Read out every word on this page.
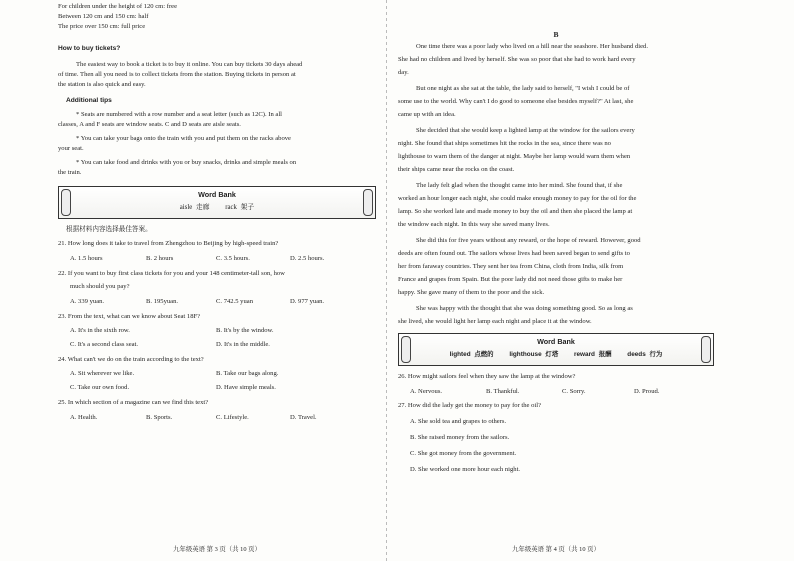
For children under the height of 120 cm: free
Between 120 cm and 150 cm: half
The price over 150 cm: full price
How to buy tickets?
The easiest way to book a ticket is to buy it online. You can buy tickets 30 days ahead
of time. Then all you need is to collect tickets from the station. Buying tickets in person at
the station is also quick and easy.
Additional tips
* Seats are numbered with a row number and a seat letter (such as 12C). In all
classes, A and F seats are window seats. C and D seats are aisle seats.
* You can take your bags onto the train with you and put them on the racks above
your seat.
* You can take food and drinks with you or buy snacks, drinks and simple meals on
the train.
Word Bank
aisle 走廊 rack 架子
根据材料内容选择最佳答案。
21. How long does it take to travel from Zhengzhou to Beijing by high-speed train?
A. 1.5 hours	B. 2 hours	C. 3.5 hours.	D. 2.5 hours.
22. If you want to buy first class tickets for you and your 148 centimeter-tall son, how
much should you pay?
A. 339 yuan.	B. 195yuan.	C. 742.5 yuan	D. 977 yuan.
23. From the text, what can we know about Seat 18F?
A. It's in the sixth row.	B. It's by the window.
C. It's a second class seat.	D. It's in the middle.
24. What can't we do on the train according to the text?
A. Sit wherever we like.	B. Take our bags along.
C. Take our own food.	D. Have simple meals.
25. In which section of a magazine can we find this text?
A. Health.	B. Sports.	C. Lifestyle.	D. Travel.
九年级英语 第 3 页（共 10 页）
B
One time there was a poor lady who lived on a hill near the seashore. Her husband died.
She had no children and lived by herself. She was so poor that she had to work hard every
day.
But one night as she sat at the table, the lady said to herself, "I wish I could be of
some use to the world. Why can't I do good to someone else besides myself?" At last, she
came up with an idea.
She decided that she would keep a lighted lamp at the window for the sailors every
night. She found that ships sometimes hit the rocks in the sea, since there was no
lighthouse to warn them of the danger at night. Maybe her lamp would warn them when
their ships came near the rocks on the coast.
The lady felt glad when the thought came into her mind. She found that, if she
worked an hour longer each night, she could make enough money to pay for the oil for the
lamp. So she worked late and made money to buy the oil and then she placed the lamp at
the window each night. In this way she saved many lives.
She did this for five years without any reward, or the hope of reward. However, good
deeds are often found out. The sailors whose lives had been saved began to send gifts to
her from faraway countries. They sent her tea from China, cloth from India, silk from
France and grapes from Spain. But the poor lady did not need those gifts to make her
happy. She gave many of them to the poor and the sick.
She was happy with the thought that she was doing something good. So as long as
she lived, she would light her lamp each night and place it at the window.
Word Bank
lighted 点燃的 lighthouse 灯塔 reward 报酬 deeds 行为
26. How might sailors feel when they saw the lamp at the window?
A. Nervous.	B. Thankful.	C. Sorry.	D. Proud.
27. How did the lady get the money to pay for the oil?
A. She sold tea and grapes to others.
B. She raised money from the sailors.
C. She got money from the government.
D. She worked one more hour each night.
九年级英语 第 4 页（共 10 页）
